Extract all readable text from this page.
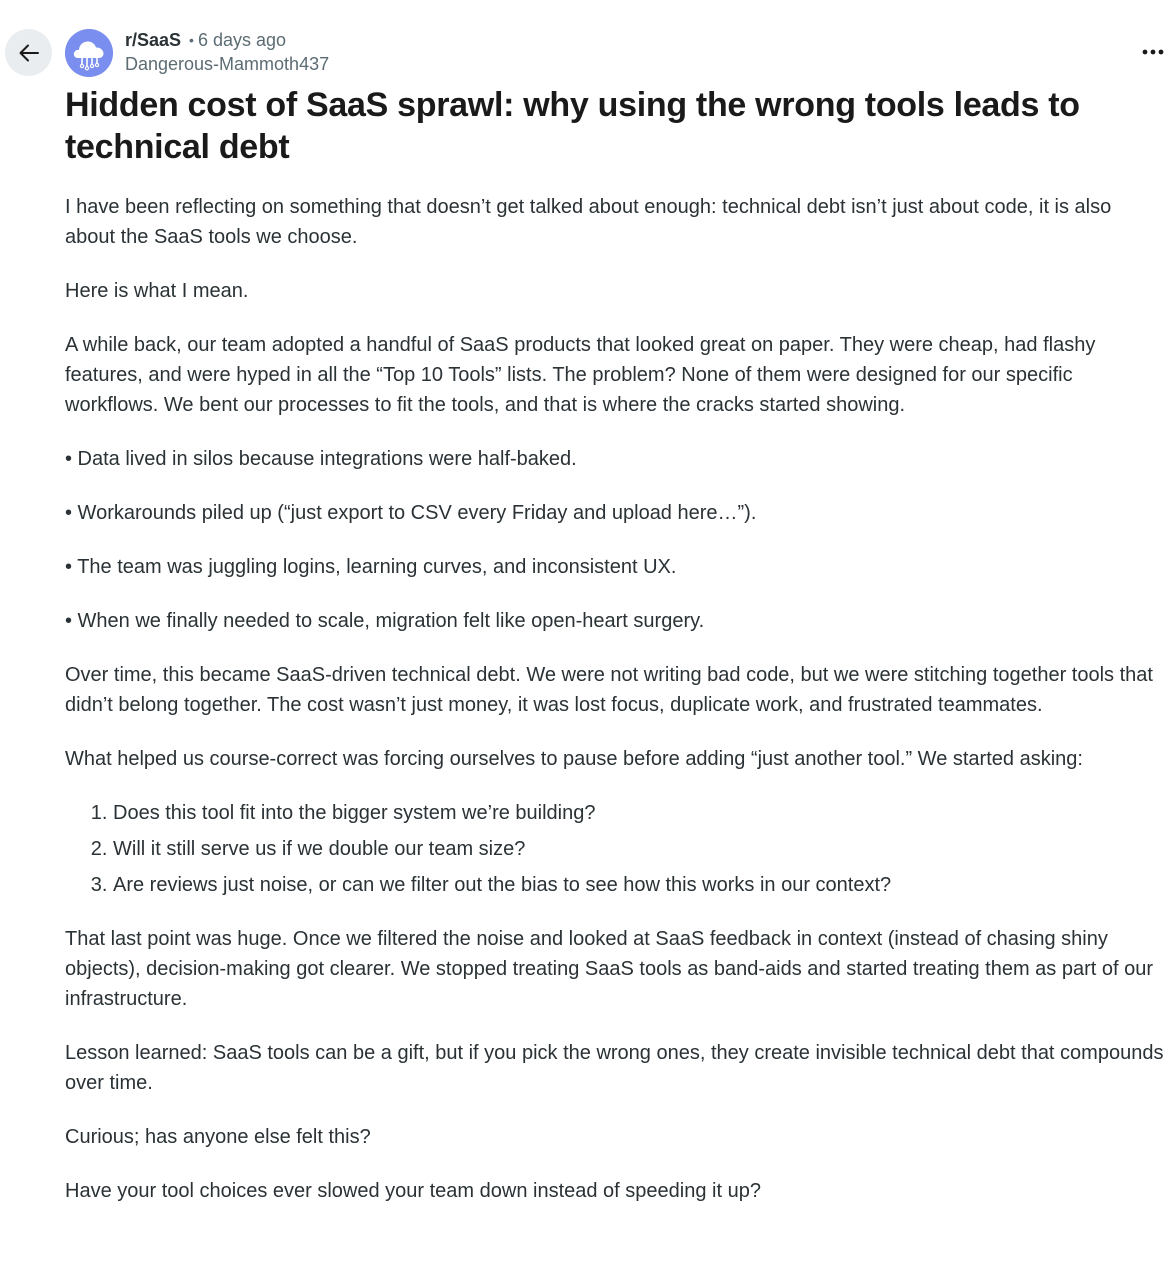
r/SaaS • 6 days ago
Dangerous-Mammoth437
Hidden cost of SaaS sprawl: why using the wrong tools leads to technical debt

I have been reflecting on something that doesn’t get talked about enough: technical debt isn’t just about code, it is also about the SaaS tools we choose.

Here is what I mean.

A while back, our team adopted a handful of SaaS products that looked great on paper. They were cheap, had flashy features, and were hyped in all the “Top 10 Tools” lists. The problem? None of them were designed for our specific workflows. We bent our processes to fit the tools, and that is where the cracks started showing.

• Data lived in silos because integrations were half-baked.

• Workarounds piled up (“just export to CSV every Friday and upload here…”).

• The team was juggling logins, learning curves, and inconsistent UX.

• When we finally needed to scale, migration felt like open-heart surgery.

Over time, this became SaaS-driven technical debt. We were not writing bad code, but we were stitching together tools that didn’t belong together. The cost wasn’t just money, it was lost focus, duplicate work, and frustrated teammates.

What helped us course-correct was forcing ourselves to pause before adding “just another tool.” We started asking:

1. Does this tool fit into the bigger system we’re building?
2. Will it still serve us if we double our team size?
3. Are reviews just noise, or can we filter out the bias to see how this works in our context?

That last point was huge. Once we filtered the noise and looked at SaaS feedback in context (instead of chasing shiny objects), decision-making got clearer. We stopped treating SaaS tools as band-aids and started treating them as part of our infrastructure.

Lesson learned: SaaS tools can be a gift, but if you pick the wrong ones, they create invisible technical debt that compounds over time.

Curious; has anyone else felt this?

Have your tool choices ever slowed your team down instead of speeding it up?
